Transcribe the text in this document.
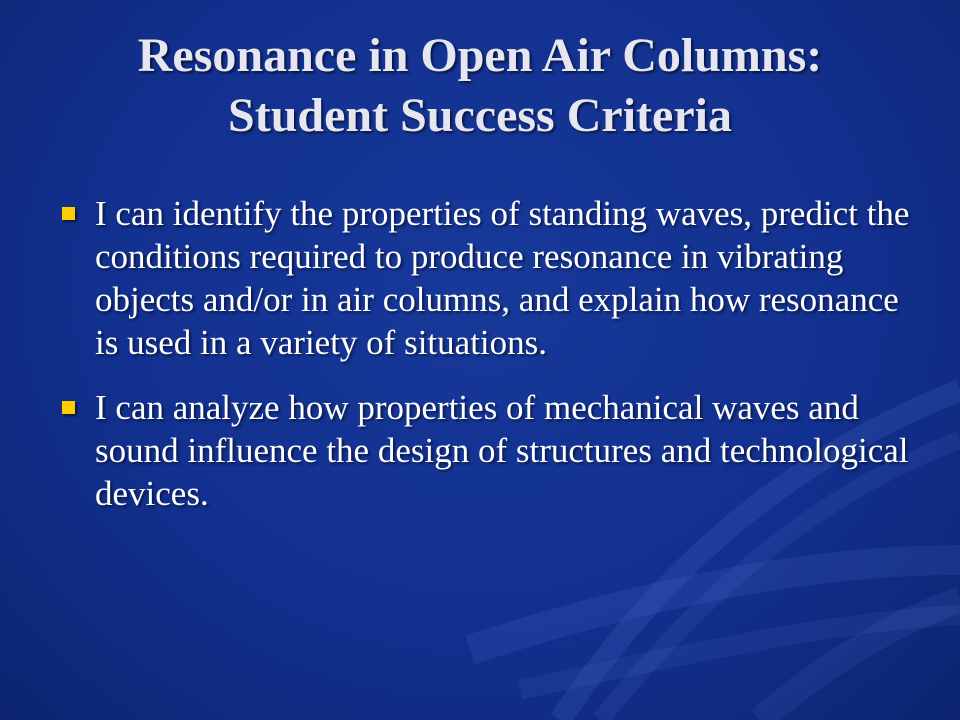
Resonance in Open Air Columns:
Student Success Criteria
I can identify the properties of standing waves, predict the conditions required to produce resonance in vibrating objects and/or in air columns, and explain how resonance is used in a variety of situations.
I can analyze how properties of mechanical waves and sound influence the design of structures and technological devices.
